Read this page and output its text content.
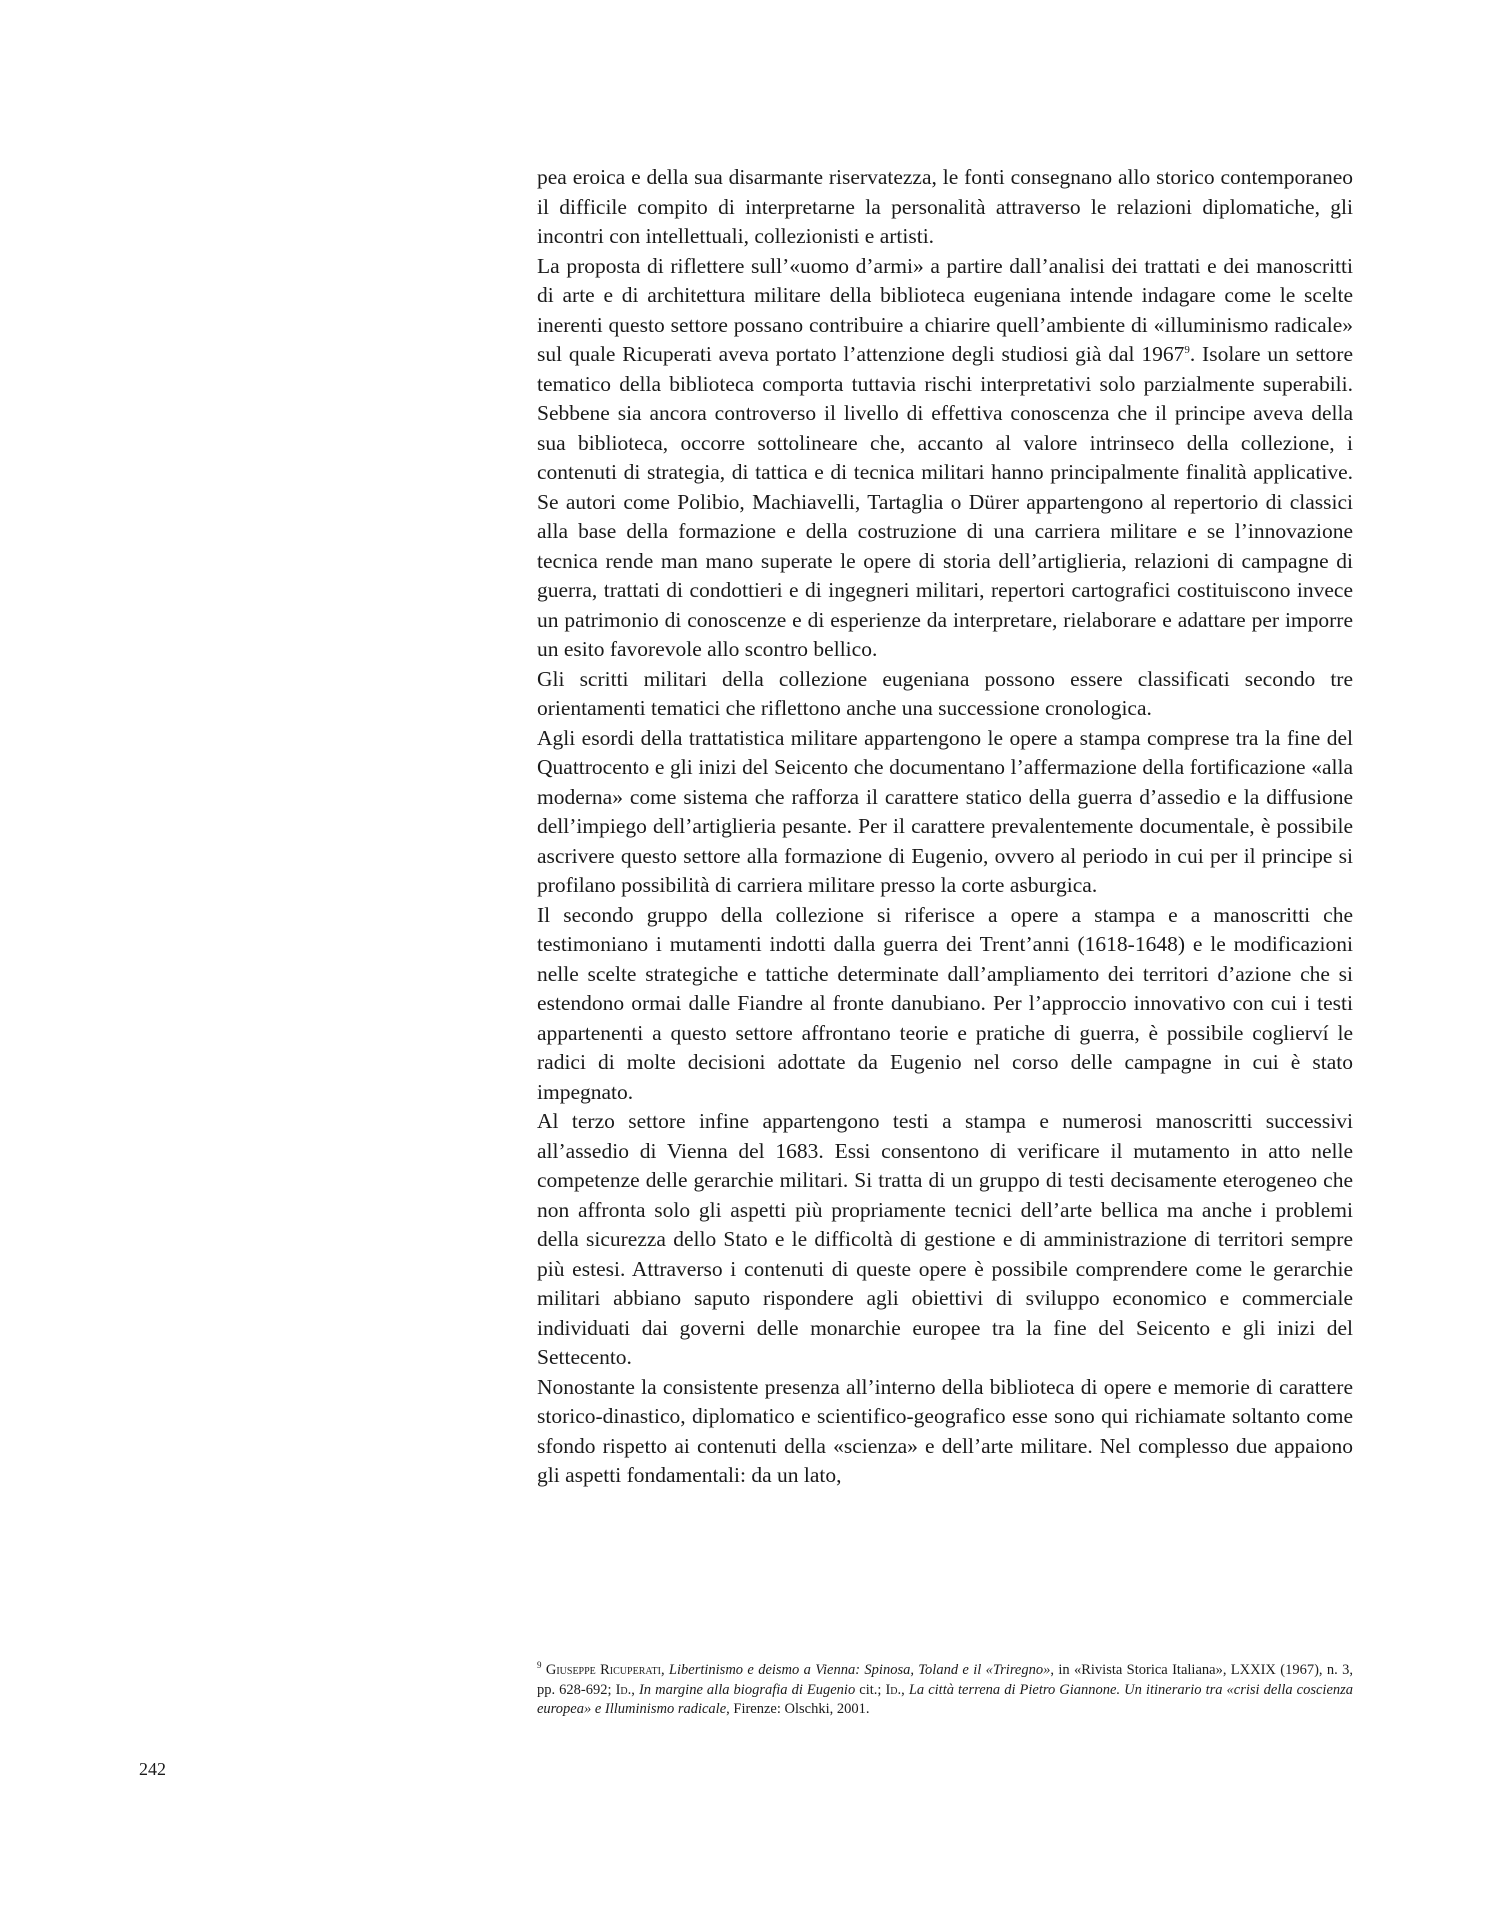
pea eroica e della sua disarmante riservatezza, le fonti consegnano allo storico contemporaneo il difficile compito di interpretarne la personalità attraverso le relazioni diplomatiche, gli incontri con intellettuali, collezionisti e artisti.

La proposta di riflettere sull’«uomo d’armi» a partire dall’analisi dei trattati e dei manoscritti di arte e di architettura militare della biblioteca eugeniana intende indagare come le scelte inerenti questo settore possano contribuire a chiarire quell’ambiente di «illuminismo radicale» sul quale Ricuperati aveva portato l’attenzione degli studiosi già dal 1967$^9$. Isolare un settore tematico della biblioteca comporta tuttavia rischi interpretativi solo parzialmente superabili. Sebbene sia ancora controverso il livello di effettiva conoscenza che il principe aveva della sua biblioteca, occorre sottolineare che, accanto al valore intrinseco della collezione, i contenuti di strategia, di tattica e di tecnica militari hanno principalmente finalità applicative. Se autori come Polibio, Machiavelli, Tartaglia o Dürer appartengono al repertorio di classici alla base della formazione e della costruzione di una carriera militare e se l’innovazione tecnica rende man mano superate le opere di storia dell’artiglieria, relazioni di campagne di guerra, trattati di condottieri e di ingegneri militari, repertori cartografici costituiscono invece un patrimonio di conoscenze e di esperienze da interpretare, rielaborare e adattare per imporre un esito favorevole allo scontro bellico.

Gli scritti militari della collezione eugeniana possono essere classificati secondo tre orientamenti tematici che riflettono anche una successione cronologica.

Agli esordi della trattatistica militare appartengono le opere a stampa comprese tra la fine del Quattrocento e gli inizi del Seicento che documentano l’affermazione della fortificazione «alla moderna» come sistema che rafforza il carattere statico della guerra d’assedio e la diffusione dell’impiego dell’artiglieria pesante. Per il carattere prevalentemente documentale, è possibile ascrivere questo settore alla formazione di Eugenio, ovvero al periodo in cui per il principe si profilano possibilità di carriera militare presso la corte asburgica.

Il secondo gruppo della collezione si riferisce a opere a stampa e a manoscritti che testimoniano i mutamenti indotti dalla guerra dei Trent’anni (1618-1648) e le modificazioni nelle scelte strategiche e tattiche determinate dall’ampliamento dei territori d’azione che si estendono ormai dalle Fiandre al fronte danubiano. Per l’approccio innovativo con cui i testi appartenenti a questo settore affrontano teorie e pratiche di guerra, è possibile coglierví le radici di molte decisioni adottate da Eugenio nel corso delle campagne in cui è stato impegnato.

Al terzo settore infine appartengono testi a stampa e numerosi manoscritti successivi all’assedio di Vienna del 1683. Essi consentono di verificare il mutamento in atto nelle competenze delle gerarchie militari. Si tratta di un gruppo di testi decisamente eterogeneo che non affronta solo gli aspetti più propriamente tecnici dell’arte bellica ma anche i problemi della sicurezza dello Stato e le difficoltà di gestione e di amministrazione di territori sempre più estesi. Attraverso i contenuti di queste opere è possibile comprendere come le gerarchie militari abbiano saputo rispondere agli obiettivi di sviluppo economico e commerciale individuati dai governi delle monarchie europee tra la fine del Seicento e gli inizi del Settecento.

Nonostante la consistente presenza all’interno della biblioteca di opere e memorie di carattere storico-dinastico, diplomatico e scientifico-geografico esse sono qui richiamate soltanto come sfondo rispetto ai contenuti della «scienza» e dell’arte militare. Nel complesso due appaiono gli aspetti fondamentali: da un lato,

$^9$ Giuseppe Ricuperati, Libertinismo e deismo a Vienna: Spinosa, Toland e il «Triregno», in «Rivista Storica Italiana», LXXIX (1967), n. 3, pp. 628-692; Id., In margine alla biografia di Eugenio cit.; Id., La città terrena di Pietro Giannone. Un itinerario tra «crisi della coscienza europea» e Illuminismo radicale, Firenze: Olschki, 2001.

242
